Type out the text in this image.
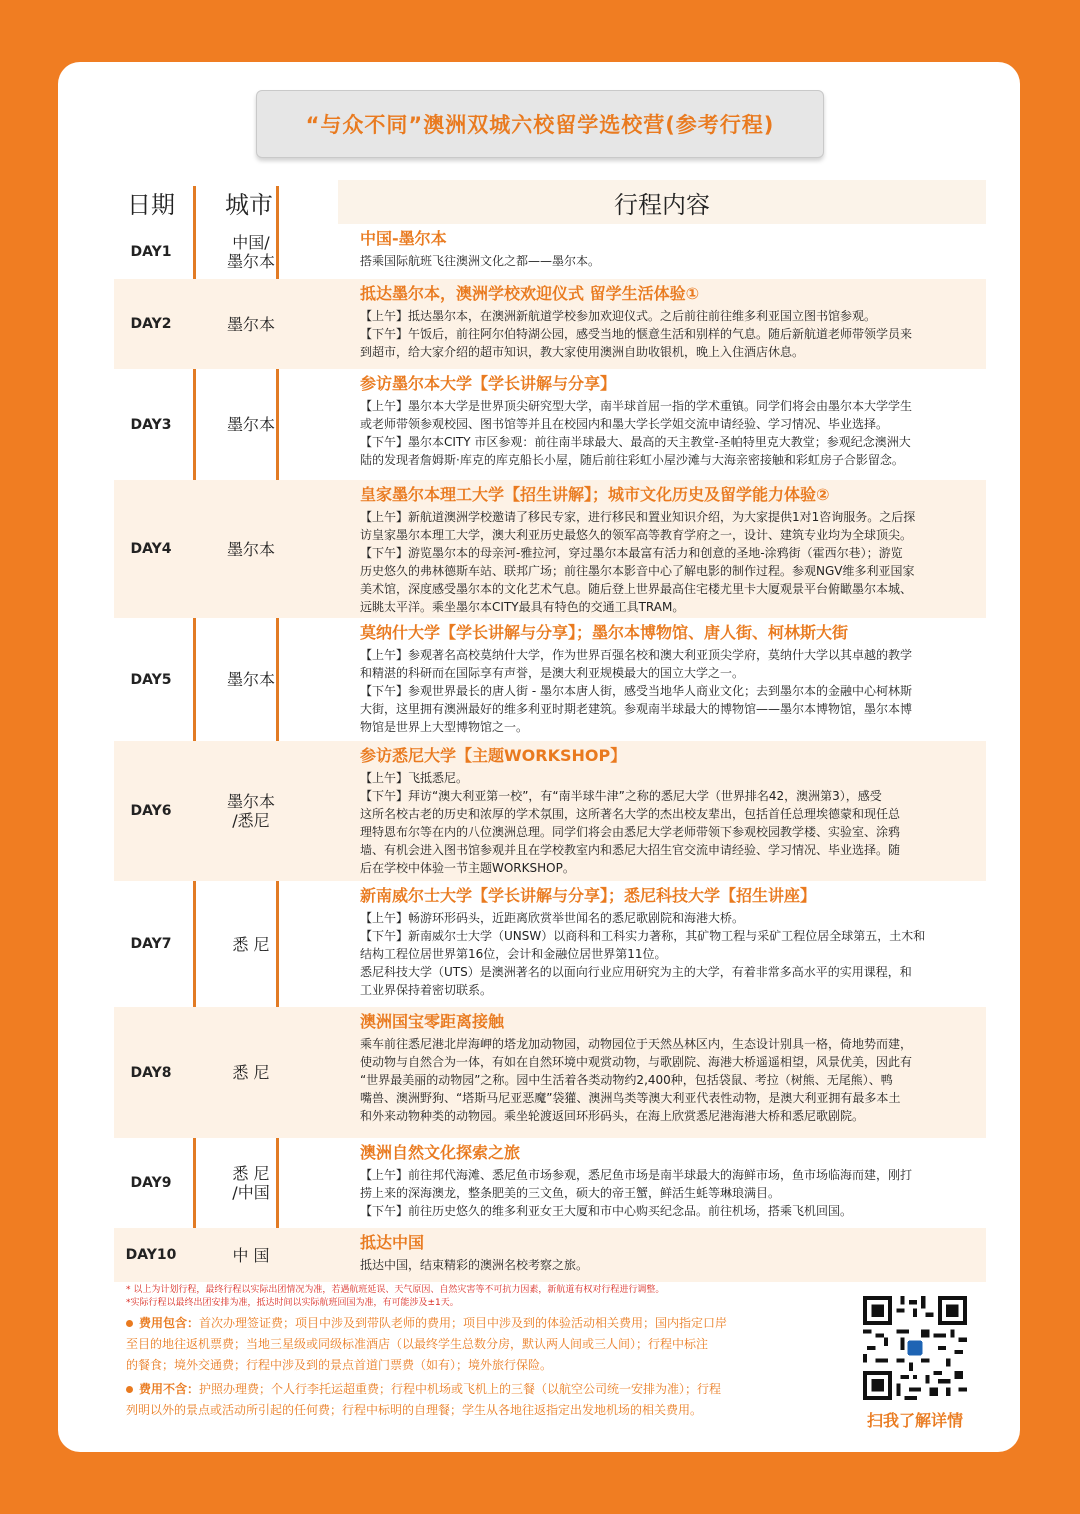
“与众不同”澳洲双城六校留学选校营(参考行程)
日期	城市	行程内容
DAY1	中国/
墨尔本
中国-墨尔本
搭乘国际航班飞往澳洲文化之都——墨尔本。
DAY2	墨尔本
抵达墨尔本，澳洲学校欢迎仪式 留学生活体验①
【上午】抵达墨尔本，在澳洲新航道学校参加欢迎仪式。之后前往前往维多利亚国立图书馆参观。
【下午】午饭后，前往阿尔伯特湖公园，感受当地的惬意生活和别样的气息。随后新航道老师带领学员来
到超市，给大家介绍的超市知识，教大家使用澳洲自助收银机，晚上入住酒店休息。
DAY3	墨尔本
参访墨尔本大学【学长讲解与分享】
【上午】墨尔本大学是世界顶尖研究型大学，南半球首屈一指的学术重镇。同学们将会由墨尔本大学学生
或老师带领参观校园、图书馆等并且在校园内和墨大学长学姐交流申请经验、学习情况、毕业选择。
【下午】墨尔本CITY 市区参观：前往南半球最大、最高的天主教堂-圣帕特里克大教堂；参观纪念澳洲大
陆的发现者詹姆斯·库克的库克船长小屋，随后前往彩虹小屋沙滩与大海亲密接触和彩虹房子合影留念。
DAY4	墨尔本
皇家墨尔本理工大学【招生讲解】；城市文化历史及留学能力体验②
【上午】新航道澳洲学校邀请了移民专家，进行移民和置业知识介绍，为大家提供1对1咨询服务。之后探
访皇家墨尔本理工大学，澳大利亚历史最悠久的领军高等教育学府之一，设计、建筑专业均为全球顶尖。
【下午】游览墨尔本的母亲河-雅拉河，穿过墨尔本最富有活力和创意的圣地-涂鸦街（霍西尔巷）；游览
历史悠久的弗林德斯车站、联邦广场；前往墨尔本影音中心了解电影的制作过程。参观NGV维多利亚国家
美术馆，深度感受墨尔本的文化艺术气息。随后登上世界最高住宅楼尤里卡大厦观景平台俯瞰墨尔本城、
远眺太平洋。乘坐墨尔本CITY最具有特色的交通工具TRAM。
DAY5	墨尔本
莫纳什大学【学长讲解与分享】；墨尔本博物馆、唐人街、柯林斯大街
【上午】参观著名高校莫纳什大学，作为世界百强名校和澳大利亚顶尖学府，莫纳什大学以其卓越的教学
和精湛的科研而在国际享有声誉，是澳大利亚规模最大的国立大学之一。
【下午】参观世界最长的唐人街 - 墨尔本唐人街，感受当地华人商业文化；去到墨尔本的金融中心柯林斯
大街，这里拥有澳洲最好的维多利亚时期老建筑。参观南半球最大的博物馆——墨尔本博物馆，墨尔本博
物馆是世界上大型博物馆之一。
DAY6	墨尔本
/悉尼
参访悉尼大学【主题WORKSHOP】
【上午】飞抵悉尼。
【下午】拜访“澳大利亚第一校”，有“南半球牛津”之称的悉尼大学（世界排名42，澳洲第3），感受
这所名校古老的历史和浓厚的学术氛围，这所著名大学的杰出校友辈出，包括首任总理埃德蒙和现任总
理特恩布尔等在内的八位澳洲总理。同学们将会由悉尼大学老师带领下参观校园教学楼、实验室、涂鸦
墙、有机会进入图书馆参观并且在学校教室内和悉尼大招生官交流申请经验、学习情况、毕业选择。随
后在学校中体验一节主题WORKSHOP。
DAY7	悉 尼
新南威尔士大学【学长讲解与分享】；悉尼科技大学【招生讲座】
【上午】畅游环形码头，近距离欣赏举世闻名的悉尼歌剧院和海港大桥。
【下午】新南威尔士大学（UNSW）以商科和工科实力著称，其矿物工程与采矿工程位居全球第五，土木和
结构工程位居世界第16位，会计和金融位居世界第11位。
悉尼科技大学（UTS）是澳洲著名的以面向行业应用研究为主的大学，有着非常多高水平的实用课程，和
工业界保持着密切联系。
DAY8	悉 尼
澳洲国宝零距离接触
乘车前往悉尼港北岸海岬的塔龙加动物园，动物园位于天然丛林区内，生态设计别具一格，倚地势而建，
使动物与自然合为一体，有如在自然环境中观赏动物，与歌剧院、海港大桥遥遥相望，风景优美，因此有
“世界最美丽的动物园”之称。园中生活着各类动物约2,400种，包括袋鼠、考拉（树熊、无尾熊）、鸭
嘴兽、澳洲野狗、“塔斯马尼亚恶魔”袋獾、澳洲鸟类等澳大利亚代表性动物，是澳大利亚拥有最多本土
和外来动物种类的动物园。乘坐轮渡返回环形码头，在海上欣赏悉尼港海港大桥和悉尼歌剧院。
DAY9	悉 尼
/中国
澳洲自然文化探索之旅
【上午】前往邦代海滩、悉尼鱼市场参观，悉尼鱼市场是南半球最大的海鲜市场，鱼市场临海而建，刚打
捞上来的深海澳龙，整条肥美的三文鱼，硕大的帝王蟹，鲜活生蚝等琳琅满目。
【下午】前往历史悠久的维多利亚女王大厦和市中心购买纪念品。前往机场，搭乘飞机回国。
DAY10	中 国
抵达中国
抵达中国，结束精彩的澳洲名校考察之旅。
* 以上为计划行程，最终行程以实际出团情况为准，若遇航班延误、天气原因、自然灾害等不可抗力因素，新航道有权对行程进行调整。
*实际行程以最终出团安排为准，抵达时间以实际航班回国为准，有可能涉及±1天。
费用包含：首次办理签证费；项目中涉及到带队老师的费用；项目中涉及到的体验活动相关费用；国内指定口岸
至目的地往返机票费；当地三星级或同级标准酒店（以最终学生总数分房，默认两人间或三人间）；行程中标注
的餐食；境外交通费；行程中涉及到的景点首道门票费（如有）；境外旅行保险。
费用不含：护照办理费；个人行李托运超重费；行程中机场或飞机上的三餐（以航空公司统一安排为准）；行程
列明以外的景点或活动所引起的任何费；行程中标明的自理餐；学生从各地往返指定出发地机场的相关费用。
扫我了解详情
